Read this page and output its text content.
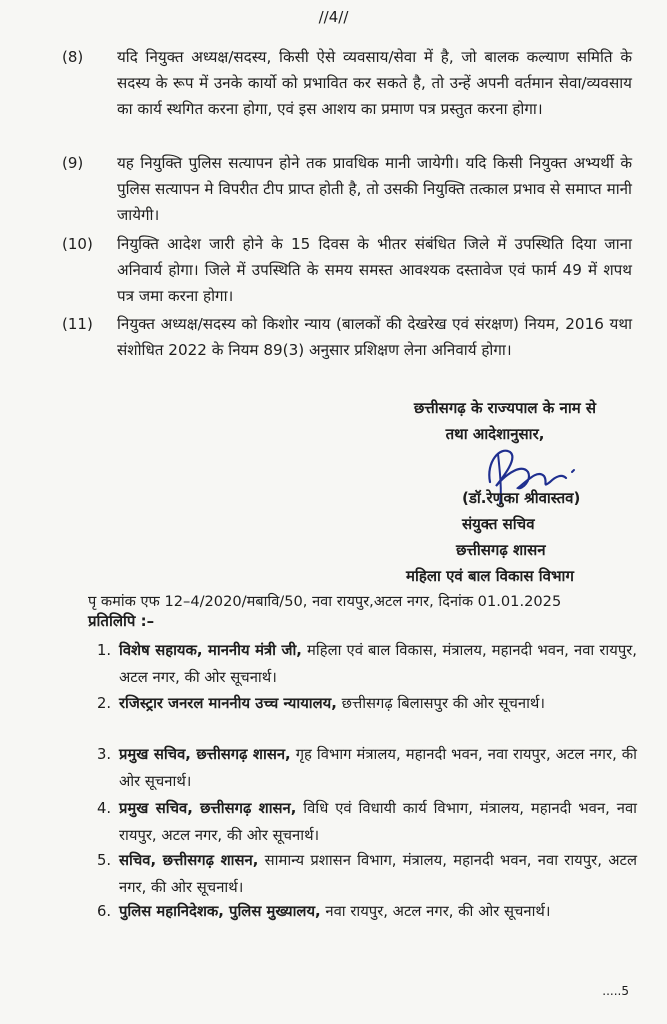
//4//
(8)	यदि नियुक्त अध्यक्ष/सदस्य, किसी ऐसे व्यवसाय/सेवा में है, जो बालक कल्याण समिति के सदस्य के रूप में उनके कार्यो को प्रभावित कर सकते है, तो उन्हें अपनी वर्तमान सेवा/व्यवसाय का कार्य स्थगित करना होगा, एवं इस आशय का प्रमाण पत्र प्रस्तुत करना होगा।
(9)	यह नियुक्ति पुलिस सत्यापन होने तक प्रावधिक मानी जायेगी। यदि किसी नियुक्त अभ्यर्थी के पुलिस सत्यापन मे विपरीत टीप प्राप्त होती है, तो उसकी नियुक्ति तत्काल प्रभाव से समाप्त मानी जायेगी।
(10)	नियुक्ति आदेश जारी होने के 15 दिवस के भीतर संबंधित जिले में उपस्थिति दिया जाना अनिवार्य होगा। जिले में उपस्थिति के समय समस्त आवश्यक दस्तावेज एवं फार्म 49 में शपथ पत्र जमा करना होगा।
(11)	नियुक्त अध्यक्ष/सदस्य को किशोर न्याय (बालकों की देखरेख एवं संरक्षण) नियम, 2016 यथा संशोधित 2022 के नियम 89(3) अनुसार प्रशिक्षण लेना अनिवार्य होगा।
छत्तीसगढ़ के राज्यपाल के नाम से
तथा आदेशानुसार,
(डॉ.रेणुका श्रीवास्तव)
संयुक्त सचिव
छत्तीसगढ़ शासन
महिला एवं बाल विकास विभाग
पृ कमांक एफ 12–4/2020/मबावि/50, नवा रायपुर,अटल नगर, दिनांक 01.01.2025
प्रतिलिपि :–
1. विशेष सहायक, माननीय मंत्री जी, महिला एवं बाल विकास, मंत्रालय, महानदी भवन, नवा रायपुर, अटल नगर, की ओर सूचनार्थ।
2. रजिस्ट्रार जनरल माननीय उच्च न्यायालय, छत्तीसगढ़ बिलासपुर की ओर सूचनार्थ।
3. प्रमुख सचिव, छत्तीसगढ़ शासन, गृह विभाग मंत्रालय, महानदी भवन, नवा रायपुर, अटल नगर, की ओर सूचनार्थ।
4. प्रमुख सचिव, छत्तीसगढ़ शासन, विधि एवं विधायी कार्य विभाग, मंत्रालय, महानदी भवन, नवा रायपुर, अटल नगर, की ओर सूचनार्थ।
5. सचिव, छत्तीसगढ़ शासन, सामान्य प्रशासन विभाग, मंत्रालय, महानदी भवन, नवा रायपुर, अटल नगर, की ओर सूचनार्थ।
6. पुलिस महानिदेशक, पुलिस मुख्यालय, नवा रायपुर, अटल नगर, की ओर सूचनार्थ।
.....5
